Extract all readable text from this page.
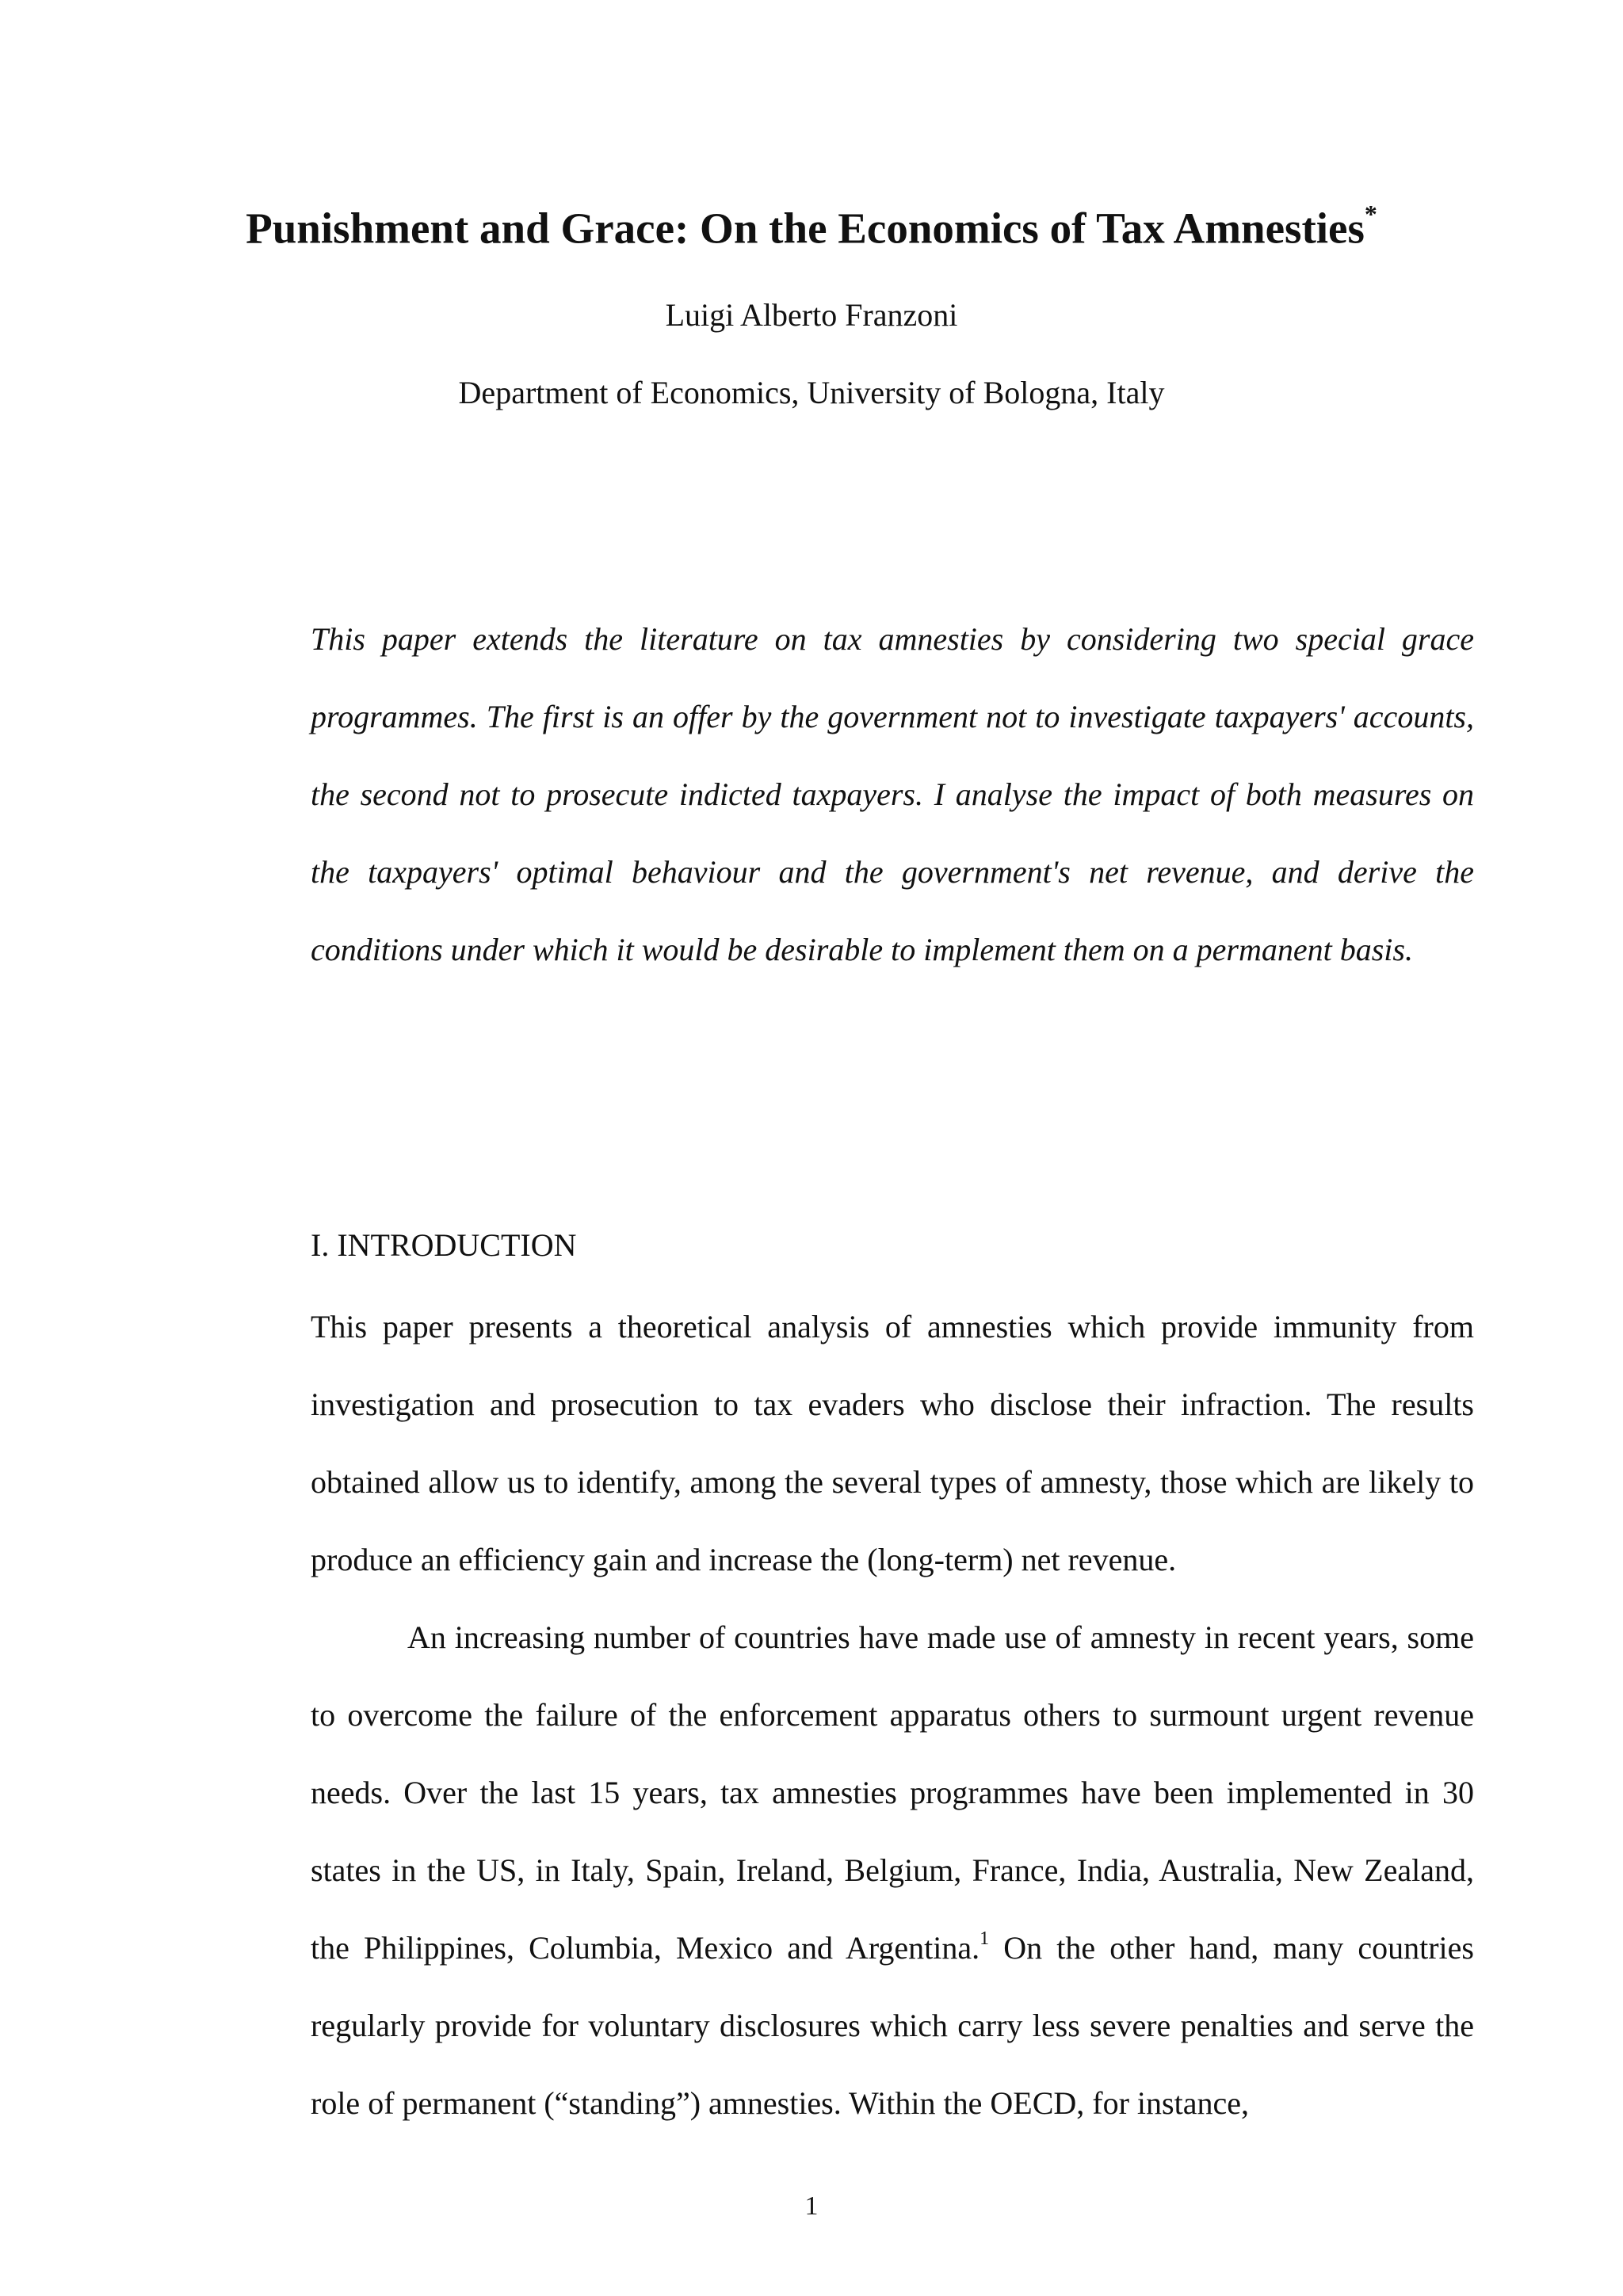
Punishment and Grace: On the Economics of Tax Amnesties*
Luigi Alberto Franzoni
Department of Economics, University of Bologna, Italy

This paper extends the literature on tax amnesties by considering two special grace programmes. The first is an offer by the government not to investigate taxpayers' accounts, the second not to prosecute indicted taxpayers. I analyse the impact of both measures on the taxpayers' optimal behaviour and the government's net revenue, and derive the conditions under which it would be desirable to implement them on a permanent basis.

I. INTRODUCTION

This paper presents a theoretical analysis of amnesties which provide immunity from investigation and prosecution to tax evaders who disclose their infraction. The results obtained allow us to identify, among the several types of amnesty, those which are likely to produce an efficiency gain and increase the (long-term) net revenue.

An increasing number of countries have made use of amnesty in recent years, some to overcome the failure of the enforcement apparatus others to surmount urgent revenue needs. Over the last 15 years, tax amnesties programmes have been implemented in 30 states in the US, in Italy, Spain, Ireland, Belgium, France, India, Australia, New Zealand, the Philippines, Columbia, Mexico and Argentina.$^1$ On the other hand, many countries regularly provide for voluntary disclosures which carry less severe penalties and serve the role of permanent (“standing”) amnesties. Within the OECD, for instance,

1
